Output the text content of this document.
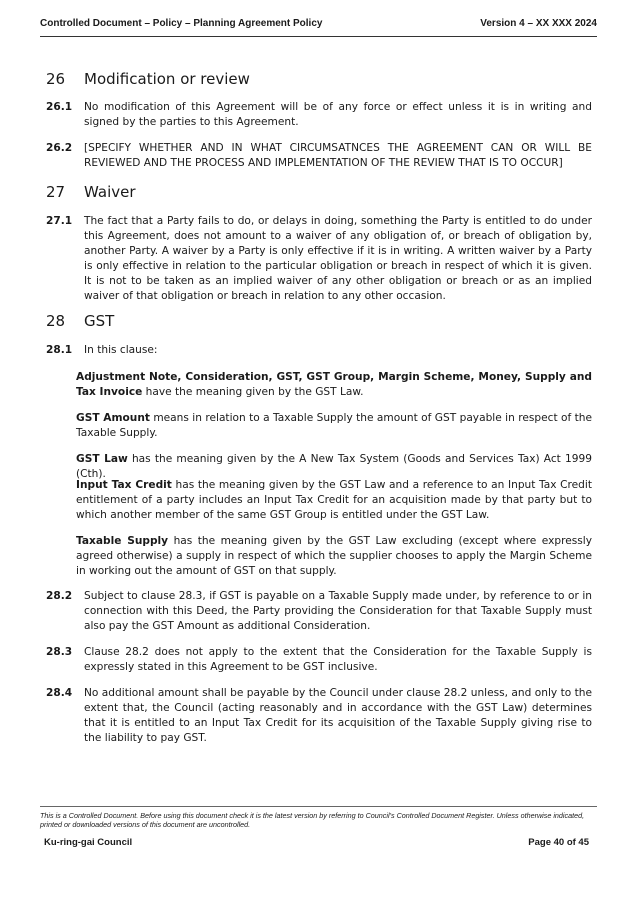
Controlled Document – Policy – Planning Agreement Policy	Version 4 – XX XXX 2024
26 Modification or review
26.1 No modification of this Agreement will be of any force or effect unless it is in writing and signed by the parties to this Agreement.
26.2 [SPECIFY WHETHER AND IN WHAT CIRCUMSATNCES THE AGREEMENT CAN OR WILL BE REVIEWED AND THE PROCESS AND IMPLEMENTATION OF THE REVIEW THAT IS TO OCCUR]
27 Waiver
27.1 The fact that a Party fails to do, or delays in doing, something the Party is entitled to do under this Agreement, does not amount to a waiver of any obligation of, or breach of obligation by, another Party. A waiver by a Party is only effective if it is in writing. A written waiver by a Party is only effective in relation to the particular obligation or breach in respect of which it is given. It is not to be taken as an implied waiver of any other obligation or breach or as an implied waiver of that obligation or breach in relation to any other occasion.
28 GST
28.1 In this clause:
Adjustment Note, Consideration, GST, GST Group, Margin Scheme, Money, Supply and Tax Invoice have the meaning given by the GST Law.
GST Amount means in relation to a Taxable Supply the amount of GST payable in respect of the Taxable Supply.
GST Law has the meaning given by the A New Tax System (Goods and Services Tax) Act 1999 (Cth).
Input Tax Credit has the meaning given by the GST Law and a reference to an Input Tax Credit entitlement of a party includes an Input Tax Credit for an acquisition made by that party but to which another member of the same GST Group is entitled under the GST Law.
Taxable Supply has the meaning given by the GST Law excluding (except where expressly agreed otherwise) a supply in respect of which the supplier chooses to apply the Margin Scheme in working out the amount of GST on that supply.
28.2 Subject to clause 28.3, if GST is payable on a Taxable Supply made under, by reference to or in connection with this Deed, the Party providing the Consideration for that Taxable Supply must also pay the GST Amount as additional Consideration.
28.3 Clause 28.2 does not apply to the extent that the Consideration for the Taxable Supply is expressly stated in this Agreement to be GST inclusive.
28.4 No additional amount shall be payable by the Council under clause 28.2 unless, and only to the extent that, the Council (acting reasonably and in accordance with the GST Law) determines that it is entitled to an Input Tax Credit for its acquisition of the Taxable Supply giving rise to the liability to pay GST.
This is a Controlled Document. Before using this document check it is the latest version by referring to Council’s Controlled Document Register. Unless otherwise indicated, printed or downloaded versions of this document are uncontrolled.
Ku-ring-gai Council	Page 40 of 45
